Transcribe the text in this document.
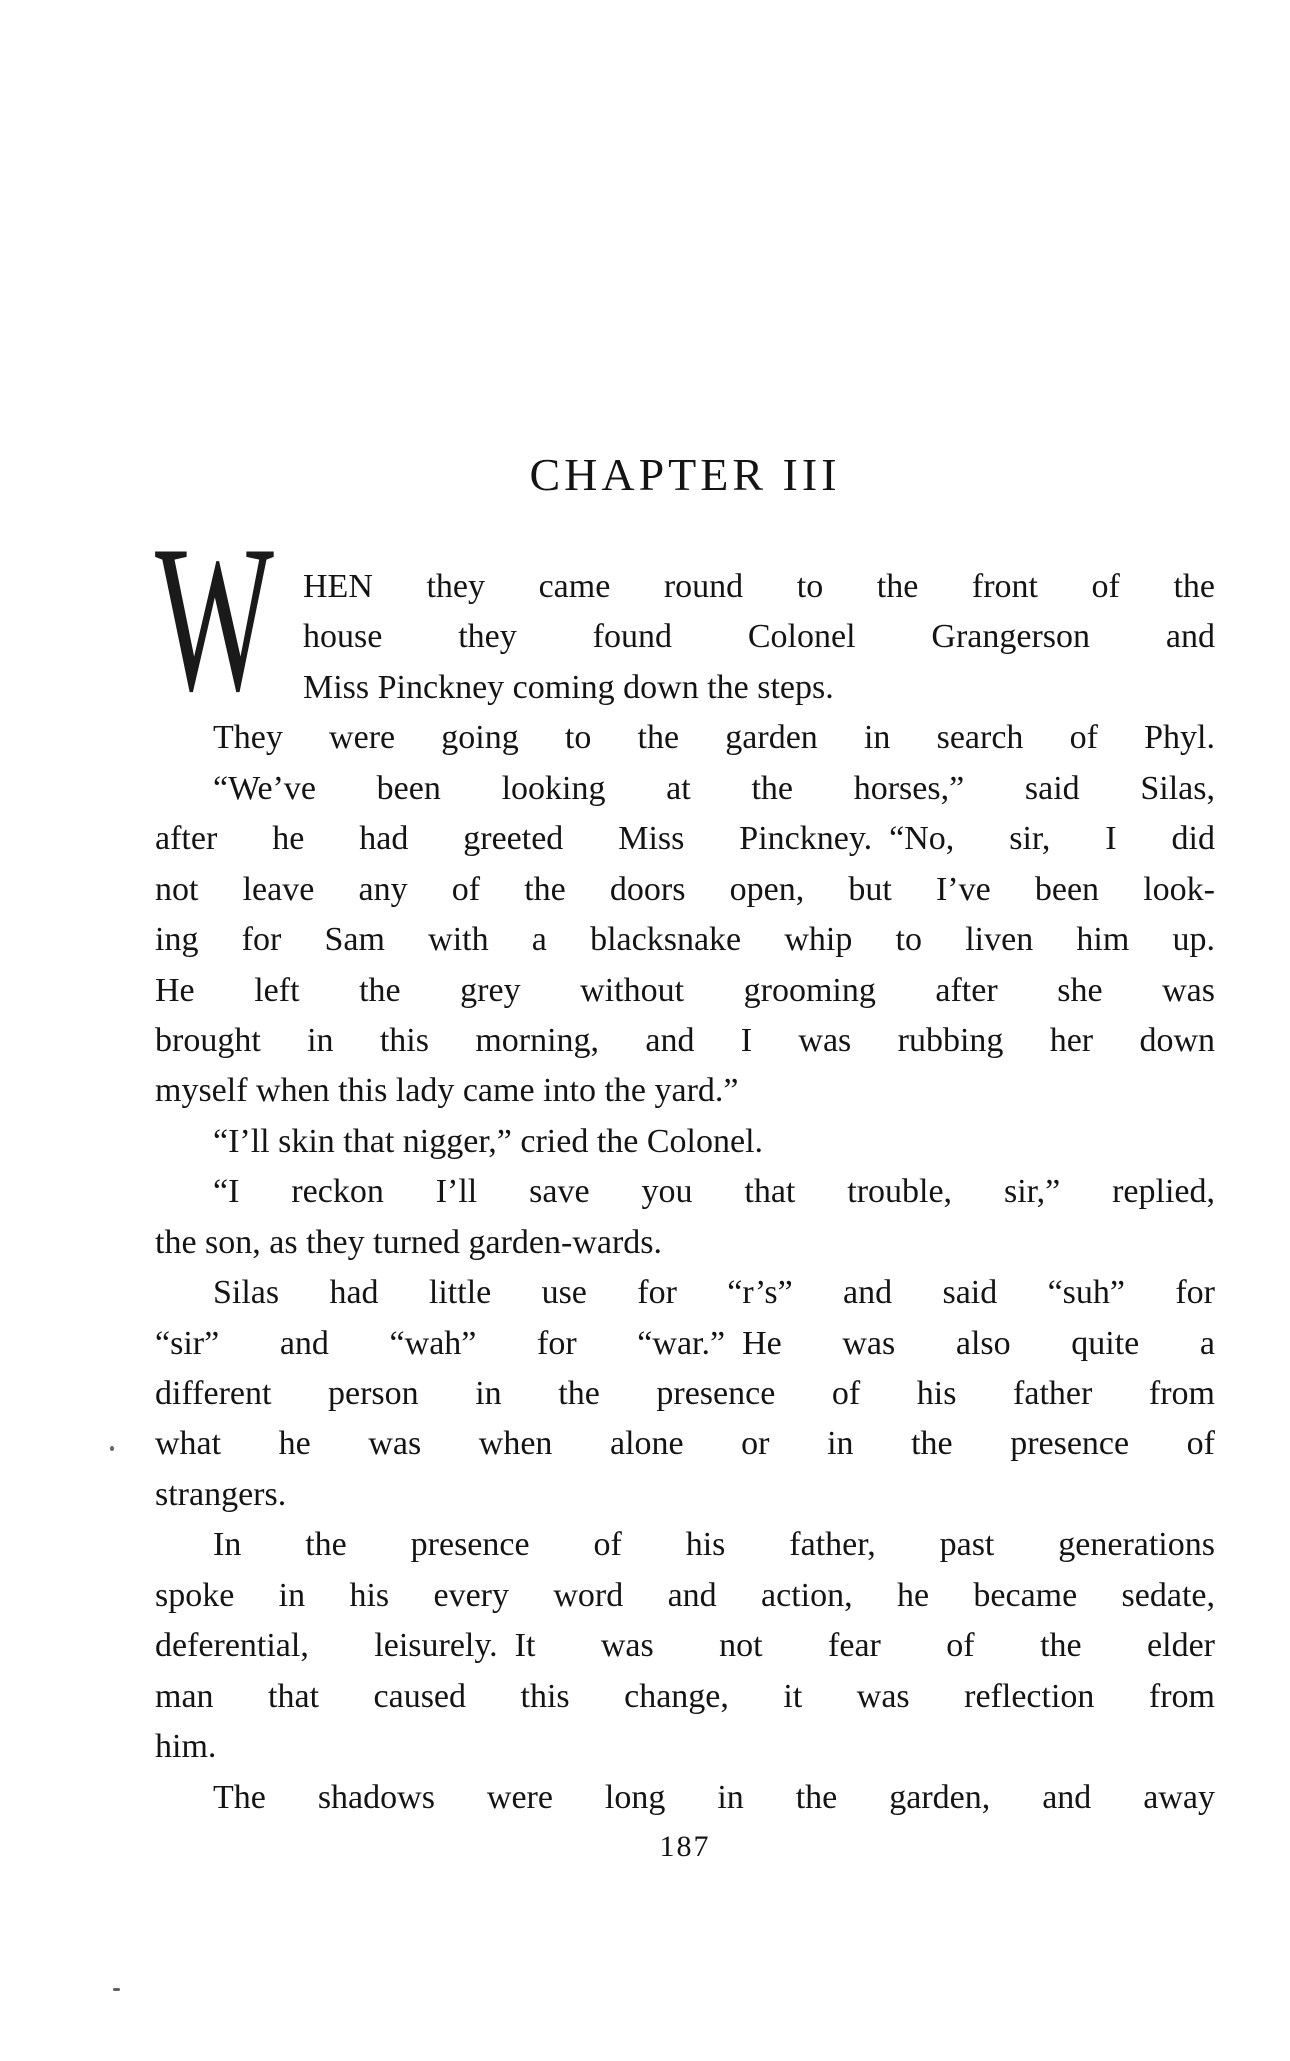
CHAPTER III
W HEN they came round to the front of the
house they found Colonel Grangerson and
Miss Pinckney coming down the steps.
They were going to the garden in search of Phyl.
“We’ve been looking at the horses,” said Silas,
after he had greeted Miss Pinckney. “No, sir, I did
not leave any of the doors open, but I’ve been look-
ing for Sam with a blacksnake whip to liven him up.
He left the grey without grooming after she was
brought in this morning, and I was rubbing her down
myself when this lady came into the yard.”
“I’ll skin that nigger,” cried the Colonel.
“I reckon I’ll save you that trouble, sir,” replied,
the son, as they turned garden-wards.
Silas had little use for “r’s” and said “suh” for
“sir” and “wah” for “war.” He was also quite a
different person in the presence of his father from
what he was when alone or in the presence of
strangers.
In the presence of his father, past generations
spoke in his every word and action, he became sedate,
deferential, leisurely. It was not fear of the elder
man that caused this change, it was reflection from
him.
The shadows were long in the garden, and away
187
